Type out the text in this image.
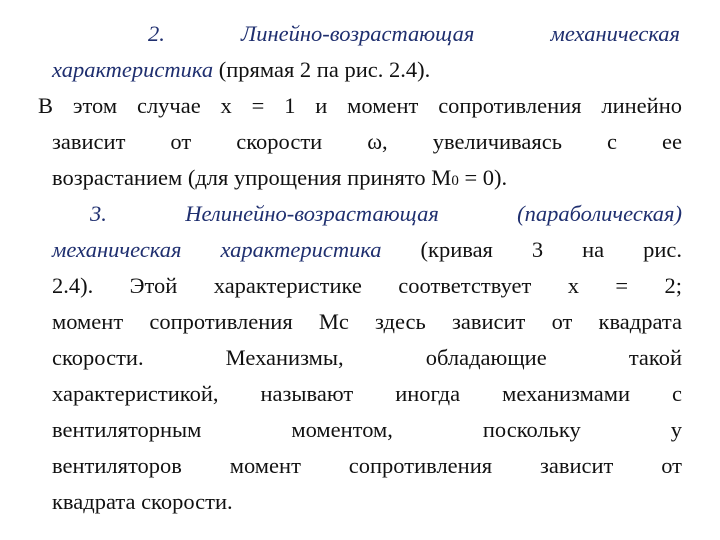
2. Линейно-возрастающая механическая
характеристика (прямая 2 па рис. 2.4).
В этом случае х = 1 и момент сопротивления линейно
зависит от скорости ω, увеличиваясь с ее
возрастанием (для упрощения принято М0 = 0).
3. Нелинейно-возрастающая (параболическая)
механическая характеристика (кривая 3 на рис.
2.4). Этой характеристике соответствует х = 2;
момент сопротивления Мс здесь зависит от квадрата
скорости. Механизмы, обладающие такой
характеристикой, называют иногда механизмами с
вентиляторным моментом, поскольку у
вентиляторов момент сопротивления зависит от
квадрата скорости.
